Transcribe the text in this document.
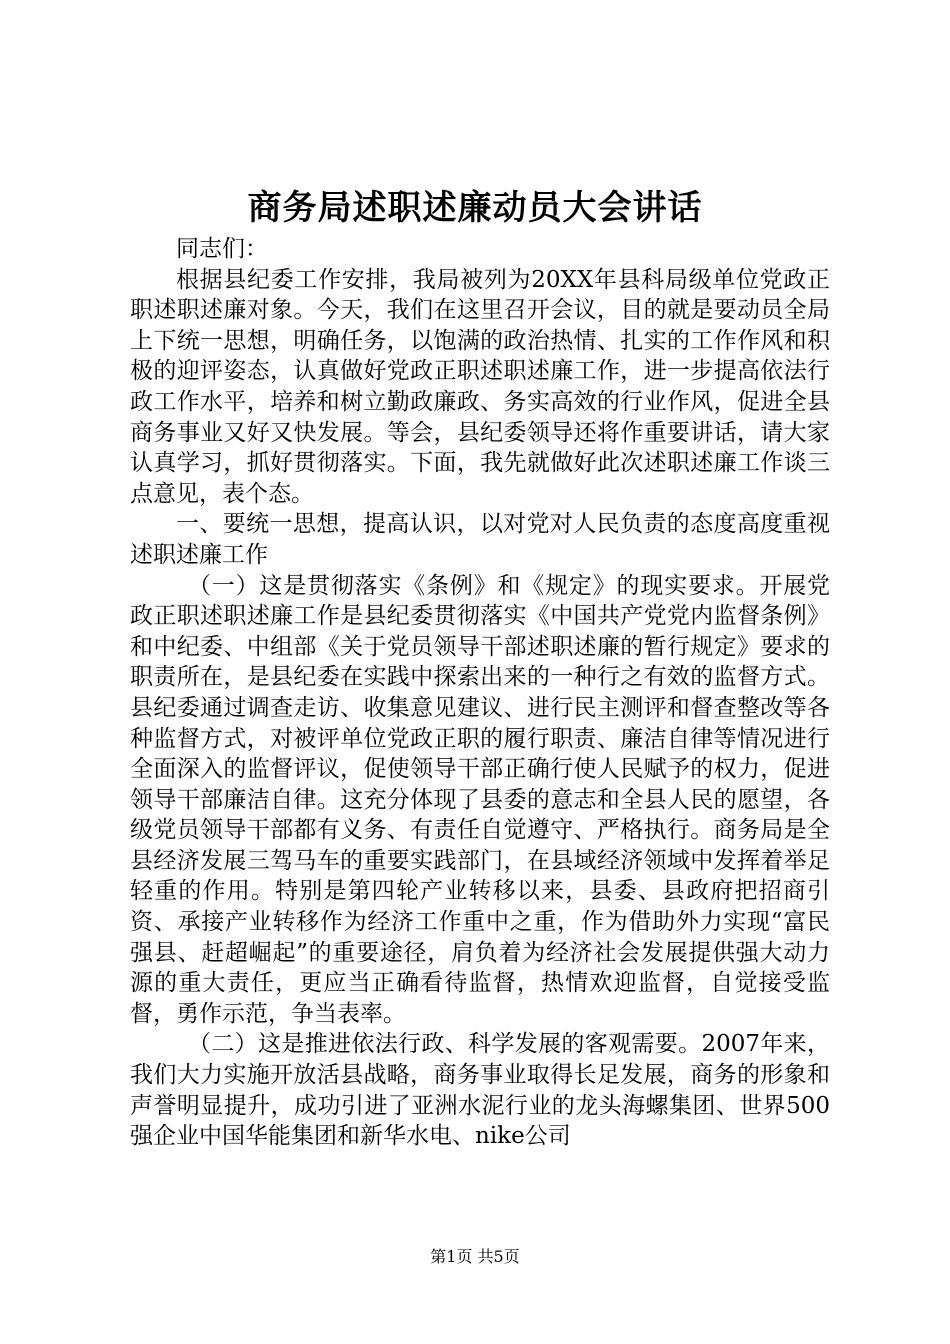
商务局述职述廉动员大会讲话

同志们：

根据县纪委工作安排，我局被列为20XX年县科局级单位党政正职述职述廉对象。今天，我们在这里召开会议，目的就是要动员全局上下统一思想，明确任务，以饱满的政治热情、扎实的工作作风和积极的迎评姿态，认真做好党政正职述职述廉工作，进一步提高依法行政工作水平，培养和树立勤政廉政、务实高效的行业作风，促进全县商务事业又好又快发展。等会，县纪委领导还将作重要讲话，请大家认真学习，抓好贯彻落实。下面，我先就做好此次述职述廉工作谈三点意见，表个态。

一、要统一思想，提高认识，以对党对人民负责的态度高度重视述职述廉工作

（一）这是贯彻落实《条例》和《规定》的现实要求。开展党政正职述职述廉工作是县纪委贯彻落实《中国共产党党内监督条例》和中纪委、中组部《关于党员领导干部述职述廉的暂行规定》要求的职责所在，是县纪委在实践中探索出来的一种行之有效的监督方式。县纪委通过调查走访、收集意见建议、进行民主测评和督查整改等各种监督方式，对被评单位党政正职的履行职责、廉洁自律等情况进行全面深入的监督评议，促使领导干部正确行使人民赋予的权力，促进领导干部廉洁自律。这充分体现了县委的意志和全县人民的愿望，各级党员领导干部都有义务、有责任自觉遵守、严格执行。商务局是全县经济发展三驾马车的重要实践部门，在县域经济领域中发挥着举足轻重的作用。特别是第四轮产业转移以来，县委、县政府把招商引资、承接产业转移作为经济工作重中之重，作为借助外力实现“富民强县、赶超崛起”的重要途径，肩负着为经济社会发展提供强大动力源的重大责任，更应当正确看待监督，热情欢迎监督，自觉接受监督，勇作示范，争当表率。

（二）这是推进依法行政、科学发展的客观需要。2007年来，我们大力实施开放活县战略，商务事业取得长足发展，商务的形象和声誉明显提升，成功引进了亚洲水泥行业的龙头海螺集团、世界500强企业中国华能集团和新华水电、nike公司

第1页 共5页
